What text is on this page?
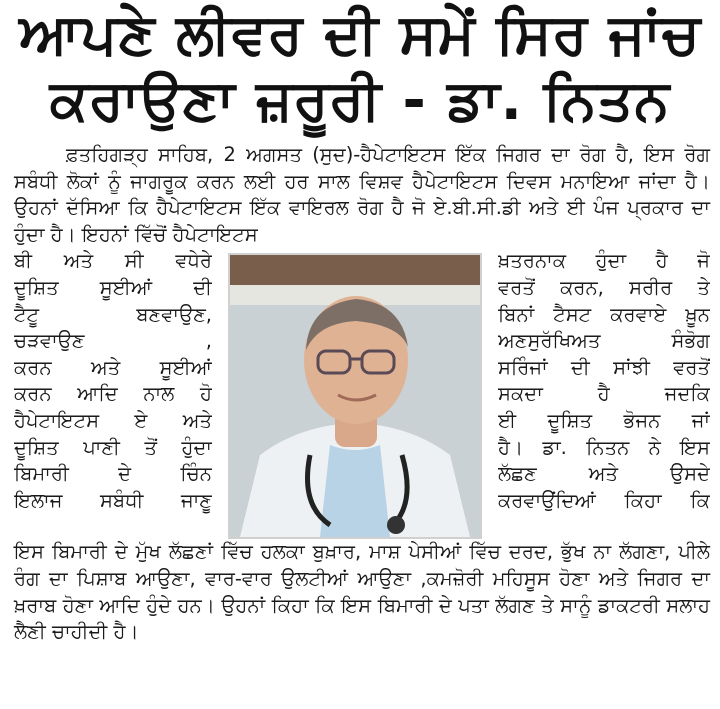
ਆਪਣੇ ਲੀਵਰ ਦੀ ਸਮੇਂ ਸਿਰ ਜਾਂਚ
ਕਰਾਉਣਾ ਜ਼ਰੂਰੀ - ਡਾ. ਨਿਤਨ

ਫ਼ਤਹਿਗੜ੍ਹ ਸਾਹਿਬ, 2 ਅਗਸਤ (ਸੁਦ)-ਹੈਪੇਟਾਇਟਸ ਇੱਕ ਜਿਗਰ ਦਾ ਰੋਗ ਹੈ, ਇਸ ਰੋਗ ਸਬੰਧੀ ਲੋਕਾਂ ਨੂੰ ਜਾਗਰੂਕ ਕਰਨ ਲਈ ਹਰ ਸਾਲ ਵਿਸ਼ਵ ਹੈਪੇਟਾਇਟਸ ਦਿਵਸ ਮਨਾਇਆ ਜਾਂਦਾ ਹੈ। ਉਹਨਾਂ ਦੱਸਿਆ ਕਿ ਹੈਪੇਟਾਇਟਸ ਇੱਕ ਵਾਇਰਲ ਰੋਗ ਹੈ ਜੋ ਏ.ਬੀ.ਸੀ.ਡੀ ਅਤੇ ਈ ਪੰਜ ਪ੍ਰਕਾਰ ਦਾ ਹੁੰਦਾ ਹੈ। ਇਹਨਾਂ ਵਿੱਚੋਂ ਹੈਪੇਟਾਇਟਸ

ਬੀ ਅਤੇ ਸੀ ਵਧੇਰੇ
ਦੂਸ਼ਿਤ ਸੂਈਆਂ ਦੀ
ਟੈਟੂ ਬਣਵਾਉਣ,
ਚੜਵਾਉਣ ,
ਕਰਨ ਅਤੇ ਸੂਈਆਂ
ਕਰਨ ਆਦਿ ਨਾਲ ਹੋ
ਹੈਪੇਟਾਇਟਸ ਏ ਅਤੇ
ਦੂਸ਼ਿਤ ਪਾਣੀ ਤੋਂ ਹੁੰਦਾ
ਬਿਮਾਰੀ ਦੇ ਚਿੰਨ
ਇਲਾਜ ਸਬੰਧੀ ਜਾਣੂ
ਖ਼ਤਰਨਾਕ ਹੁੰਦਾ ਹੈ ਜੋ
ਵਰਤੋਂ ਕਰਨ, ਸਰੀਰ ਤੇ
ਬਿਨਾਂ ਟੈਸਟ ਕਰਵਾਏ ਖ਼ੂਨ
ਅਣਸੁਰੱਖਿਅਤ ਸੰਭੋਗ
ਸਰਿੰਜਾਂ ਦੀ ਸਾਂਝੀ ਵਰਤੋਂ
ਸਕਦਾ ਹੈ ਜਦਕਿ
ਈ ਦੂਸ਼ਿਤ ਭੋਜਨ ਜਾਂ
ਹੈ। ਡਾ. ਨਿਤਨ ਨੇ ਇਸ
ਲੱਛਣ ਅਤੇ ਉਸਦੇ
ਕਰਵਾਉਂਦਿਆਂ ਕਿਹਾ ਕਿ

ਇਸ ਬਿਮਾਰੀ ਦੇ ਮੁੱਖ ਲੱਛਣਾਂ ਵਿੱਚ ਹਲਕਾ ਬੁਖ਼ਾਰ, ਮਾਸ਼ ਪੇਸੀਆਂ ਵਿੱਚ ਦਰਦ, ਭੁੱਖ ਨਾ ਲੱਗਣਾ, ਪੀਲੇ ਰੰਗ ਦਾ ਪਿਸ਼ਾਬ ਆਉਣਾ, ਵਾਰ-ਵਾਰ ਉਲਟੀਆਂ ਆਉਣਾ ,ਕਮਜ਼ੋਰੀ ਮਹਿਸੂਸ ਹੋਣਾ ਅਤੇ ਜਿਗਰ ਦਾ ਖ਼ਰਾਬ ਹੋਣਾ ਆਦਿ ਹੁੰਦੇ ਹਨ। ਉਹਨਾਂ ਕਿਹਾ ਕਿ ਇਸ ਬਿਮਾਰੀ ਦੇ ਪਤਾ ਲੱਗਣ ਤੇ ਸਾਨੂੰ ਡਾਕਟਰੀ ਸਲਾਹ ਲੈਣੀ ਚਾਹੀਦੀ ਹੈ।
